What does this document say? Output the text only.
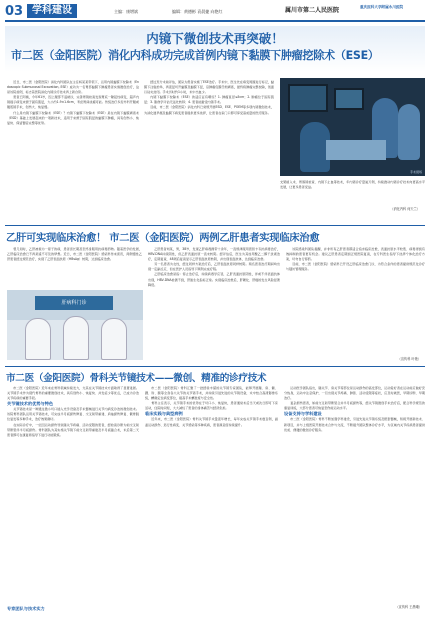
03 学科建设	主编：康增斌	编辑：黄德彬 袁晨捷 向艳红	属川市第二人民医院	重庆医科大学附属永川医院
内镜下微创技术再突破！
市二医（金阳医院）消化内科成功完成首例内镜下黏膜下肿瘤挖除术（ESE）

近日，市二医（金阳医院）消化内科团队在主任杨某某带领下，运用内镜黏膜下挖除术（Endoscopic Submucosal Excavation, ESE）成功为一名胃部黏膜下肿瘤患者实施微创治疗，这是该院首例，标志着医院消化内镜诊疗技术再上新台阶。

患者王阿姨，今年61岁，因上腹部不适就诊，完善胃镜检查发现胃底一隆起性病变，超声内镜提示病变来源于固有肌层，大小约1.9×1.6cm，考虑胃间质瘤可能。传统治疗多需外科开腹或腹腔镜手术，创伤大、恢复慢。

什么是内镜下黏膜下挖除术（ESE）？内镜下黏膜下挖除术（ESE）是在内镜下黏膜剥离术（ESD）基础上发展起来的一项新技术，适用于来源于固有肌层的黏膜下肿瘤，具有创伤小、恢复快、保留器官完整等优势。

经过充分术前评估，团队为患者实施了ESE治疗。手术中，医生先在病变周围进行标记，黏膜下注射抬举，再逐层切开黏膜及黏膜下层，沿肿瘤包膜仔细剥离，最终将肿瘤完整挖除，创面以钛夹封闭。手术历时约1小时，术中出血少。

内镜下黏膜下挖除术（ESE）的适应证有哪些？1. 肿瘤直径≤5cm；2. 肿瘤位于固有肌层；3. 影像学评估无远处转移；4. 患者能耐受内镜手术。

目前，市二医（金阳医院）消化内科已常规开展ESD、ESE、POEM等多项内镜微创技术，为消化道早癌及黏膜下病变患者提供更多选择，让患者在家门口即可享受高质量的医疗服务。

手术现场
支架植入术、胃肠镜检查、内镜下止血等技术，年内镜诊疗量逾万例，持续推动内镜诊疗技术向更高水平发展，让更多患者受益。
（消化内科 何天兰）
乙肝可实现临床治愈！ 市二医（金阳医院）两例乙肝患者实现临床治愈

曾几何时，乙肝被视为一辈子的病，患者需长期甚至终身服用抗病毒药物。随着医学的发展，乙肝临床治愈已不再是遥不可及的梦想。近日，市二医（金阳医院）感染科传来喜讯，两例慢性乙肝患者经过规范治疗，实现了乙肝表面抗原（HBsAg）转阴，达到临床治愈。

肝病科门诊

乙肝患者刘某，男，38岁，发现乙肝病毒携带十余年，一直规律服用恩替卡韦抗病毒治疗，HBV-DNA持续阴性，但乙肝表面抗原一直未转阴。经评估后，医生为其加用聚乙二醇干扰素治疗，定期复查，48周后复查显示乙肝表面抗原转阴，并出现表面抗体，达到临床治愈。

另一名患者为女性，经过同样方案治疗后，乙肝表面抗原同样转阴。两名患者治疗期间均出现一定副反应，但在医护人员指导下顺利完成疗程。

乙肝临床治愈是指：停止治疗后，持续病毒学应答，乙肝表面抗原阴性，伴或不伴表面抗体出现，HBV-DNA检测不到，肝脏生化指标正常。实现临床治愈后，肝硬化、肝癌的发生风险显著降低。

该院感染科团队提醒，并非所有乙肝患者都适合追求临床治愈，表面抗原水平较低、病毒得到有效抑制的患者更有机会。建议乙肝患者定期到正规医院复查，在专科医生指导下选择个体化治疗方案，切勿自行停药。

目前，市二医（金阳医院）感染科已开设乙肝临床治愈门诊，为符合条件的患者提供规范化诊疗与随访管理服务。

（宣传科 叶艳）
市二医（金阳医院）骨科关节镜技术——微创、精准的诊疗技术

市二医（金阳医院）近年来在骨科领域持续发力，尤其在关节镜技术方面取得了显著进展。关节镜手术作为现代骨科的重要微创技术，具有创伤小、恢复快、并发症少等优点，已成为诊治关节疾病的重要手段。

关节镜技术的优势与特色

关节镜技术是一种通过微小切口插入光学设备及手术器械进行关节内病变诊治的微创技术。该院骨科团队运用关节镜技术，可完成半月板损伤修复、交叉韧带重建、肩袖损伤修复、髌骨脱位复发等多种手术，治疗效果确切。

在实际诊疗中，一位因运动损伤导致膝关节疼痛、活动受限的患者，经检查诊断为前交叉韧带断裂伴半月板损伤。骨科团队为其实施关节镜下前交叉韧带重建及半月板缝合术，术后第二天患者即可在康复师指导下进行功能锻炼。

市二医（金阳医院）骨科汇聚了一批经验丰富的关节镜专家团队，能够开展膝、肩、髋、踝、肘、腕等全身各大关节的关节镜手术，并持续引进先进的关节镜设备，术中结合高清影像系统，精确定位病变部位，提高手术精准度与安全性。

骨科主任表示，关节镜手术的优势在于切口小、恢复快，患者通常术后当天或次日即可下床活动，住院时间短，大大减轻了患者的身体痛苦与经济负担。

临床实践与典型病例

近年来，市二医（金阳医院）骨科关节镜手术量逐年增长，每年完成关节镜手术数百例，涵盖运动损伤、退行性病变、关节感染等多种疾病，患者满意度持续提升。

运动医学团队指出，膝关节、肩关节等部位是运动损伤的高发部位，运动爱好者在运动前应做好充分热身，运动中注意保护，一旦出现关节疼痛、肿胀、活动受限等症状，应及时就医，早期诊断、早期治疗。

复杂损伤患者，如前交叉韧带断裂合并半月板损伤等，经关节镜微创手术治疗后，配合科学规范的康复训练，大部分患者可恢复至伤前运动水平。

设备支持与学科建设

市二医（金阳医院）骨科不断加强学科建设，引进先进关节镜系统及配套器械，积极开展新技术、新项目，并与上级医院开展技术合作与交流，不断提升团队整体诊疗水平，为区域内关节疾病患者提供优质、便捷的微创诊疗服务。

（宣传科 王晨曦）
专家团队与技术实力
